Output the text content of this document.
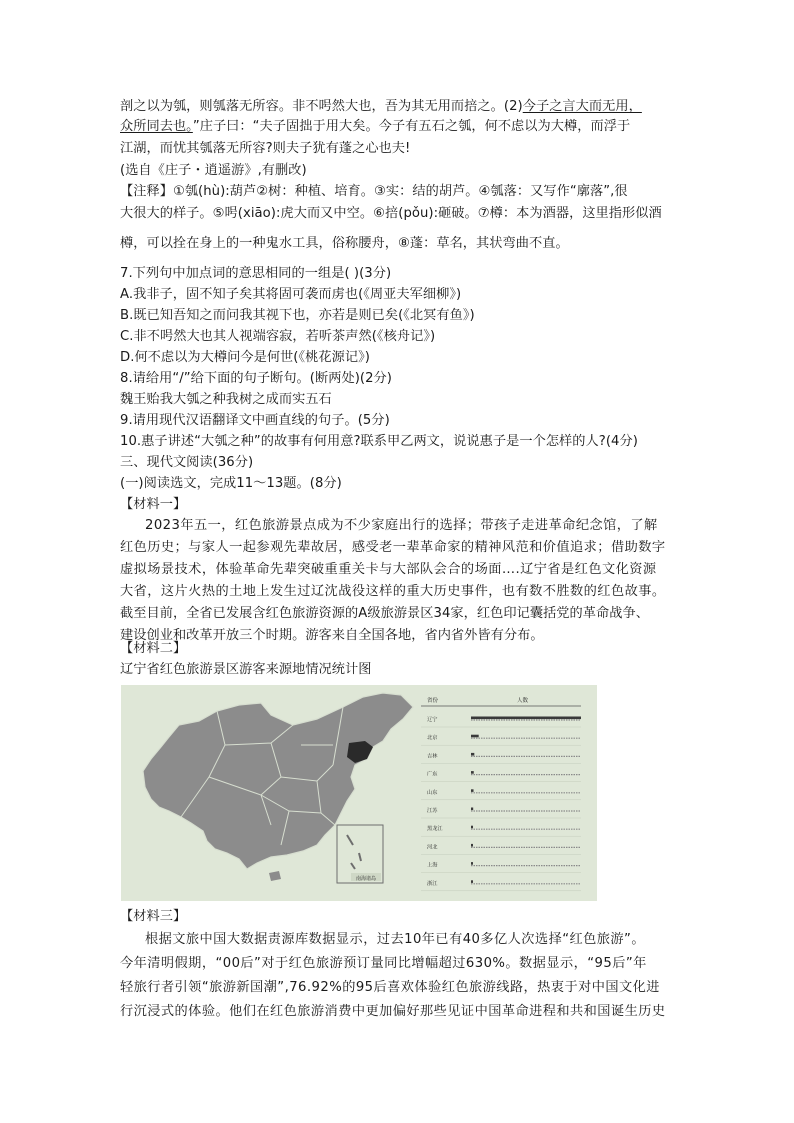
剖之以为瓠，则瓠落无所容。非不呺然大也，吾为其无用而掊之。(2)今子之言大而无用，
众所同去也。”庄子曰：“夫子固拙于用大矣。今子有五石之瓠，何不虑以为大樽，而浮于
江湖，而忧其瓠落无所容?则夫子犹有蓬之心也夫!
(选自《庄子・逍遥游》,有删改)
【注释】①瓠(hù):葫芦②树：种植、培育。③实：结的胡芦。④瓠落：又写作“廓落”,很
大很大的样子。⑤呺(xiāo):虎大而又中空。⑥掊(pǒu):砸破。⑦樽：本为酒器，这里指形似酒
樽，可以拴在身上的一种鬼水工具，俗称腰舟，⑧蓬：草名，其状弯曲不直。
7.下列句中加点词的意思相同的一组是( )(3分)
A.我非子，固不知子矣其将固可袭而虏也(《周亚夫军细柳》)
B.既已知吾知之而问我其视下也，亦若是则已矣(《北冥有鱼》)
C.非不呺然大也其人视端容寂，若听茶声然(《核舟记》)
D.何不虑以为大樽问今是何世(《桃花源记》)
8.请给用“/”给下面的句子断句。(断两处)(2分)
魏王贻我大瓠之种我树之成而实五石
9.请用现代汉语翻译文中画直线的句子。(5分)
10.惠子讲述“大瓠之种”的故事有何用意?联系甲乙两文，说说惠子是一个怎样的人?(4分)
三、现代文阅读(36分)
(一)阅读选文，完成11～13题。(8分)
【材料一】
2023年五一，红色旅游景点成为不少家庭出行的选择；带孩子走进革命纪念馆，了解
红色历史；与家人一起参观先辈故居，感受老一辈革命家的精神风范和价值追求；借助数字
虚拟场景技术，体验革命先辈突破重重关卡与大部队会合的场面….辽宁省是红色文化资源
大省，这片火热的土地上发生过辽沈战役这样的重大历史事件，也有数不胜数的红色故事。
截至目前，全省已发展含红色旅游资源的A级旅游景区34家，红色印记囊括党的革命战争、
建设创业和改革开放三个时期。游客来自全国各地，省内省外皆有分布。
【材料二】
辽宁省红色旅游景区游客来源地情况统计图
南海诸岛
省份	人数
辽宁
北京
吉林
广东
山东
江苏
黑龙江
河北
上海
浙江
【材料三】
根据文旅中国大数据责源库数据显示，过去10年已有40多亿人次选择“红色旅游”。
今年清明假期，“00后”对于红色旅游预订量同比增幅超过630%。数据显示，“95后”年
轻旅行者引领“旅游新国潮”,76.92%的95后喜欢体验红色旅游线路，热衷于对中国文化进
行沉浸式的体验。他们在红色旅游消费中更加偏好那些见证中国革命进程和共和国诞生历史
